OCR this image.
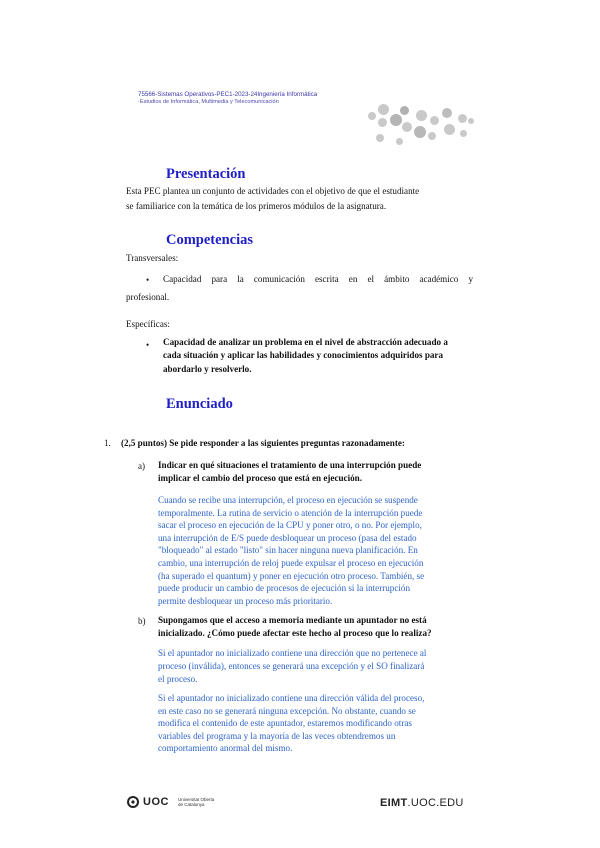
75566-Sistemas Operativos-PEC1-2023-24Ingeniería Informática
·Estudios de Informática, Multimedia y Telecomunicación
Presentación
Esta PEC plantea un conjunto de actividades con el objetivo de que el estudiante
se familiarice con la temática de los primeros módulos de la asignatura.
Competencias
Transversales:
• Capacidad para la comunicación escrita en el ámbito académico y
profesional.
Específicas:
• Capacidad de analizar un problema en el nivel de abstracción adecuado a
cada situación y aplicar las habilidades y conocimientos adquiridos para
abordarlo y resolverlo.
Enunciado
1. (2,5 puntos) Se pide responder a las siguientes preguntas razonadamente:
a) Indicar en qué situaciones el tratamiento de una interrupción puede
implicar el cambio del proceso que está en ejecución.
Cuando se recibe una interrupción, el proceso en ejecución se suspende
temporalmente. La rutina de servicio o atención de la interrupción puede
sacar el proceso en ejecución de la CPU y poner otro, o no. Por ejemplo,
una interrupción de E/S puede desbloquear un proceso (pasa del estado
"bloqueado" al estado "listo" sin hacer ninguna nueva planificación. En
cambio, una interrupción de reloj puede expulsar el proceso en ejecución
(ha superado el quantum) y poner en ejecución otro proceso. También, se
puede producir un cambio de procesos de ejecución si la interrupción
permite desbloquear un proceso más prioritario.
b) Supongamos que el acceso a memoria mediante un apuntador no está
inicializado. ¿Cómo puede afectar este hecho al proceso que lo realiza?
Si el apuntador no inicializado contiene una dirección que no pertenece al
proceso (inválida), entonces se generará una excepción y el SO finalizará
el proceso.
Si el apuntador no inicializado contiene una dirección válida del proceso,
en este caso no se generará ninguna excepción. No obstante, cuando se
modifica el contenido de este apuntador, estaremos modificando otras
variables del programa y la mayoría de las veces obtendremos un
comportamiento anormal del mismo.
UOC Universitat Oberta
de Catalunya	EIMT.UOC.EDU
